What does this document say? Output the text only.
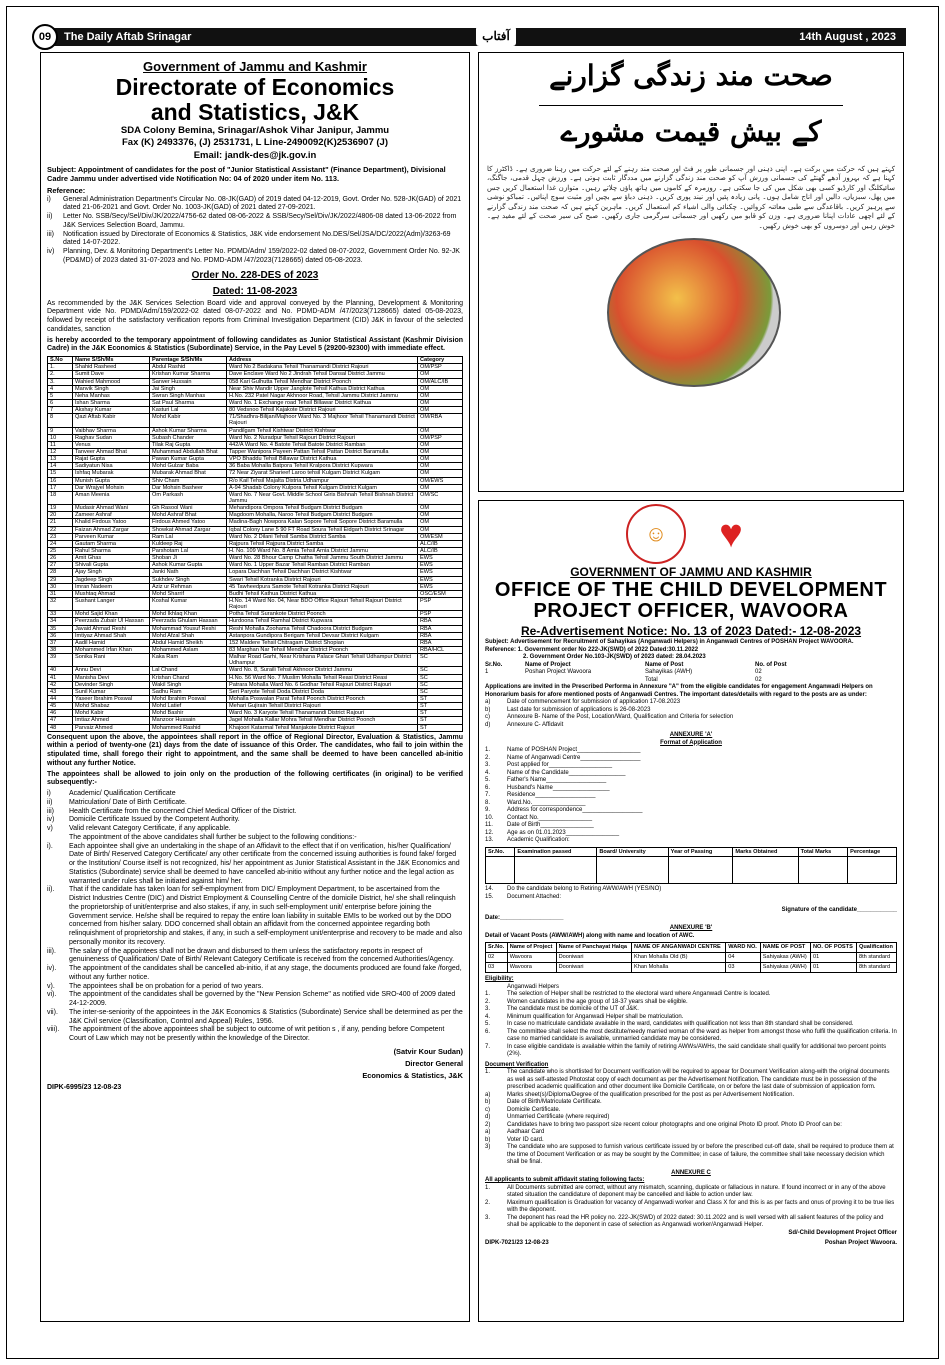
09	The Daily Aftab Srinagar	آفتاب	14th August , 2023
Government of Jammu and Kashmir
Directorate of Economics
and Statistics, J&K
SDA Colony Bemina, Srinagar/Ashok Vihar Janipur, Jammu
Fax (K) 2493376, (J) 2531731, L Line-2490092(K)2536907 (J)
Email: jandk-des@jk.gov.in
Subject: Appointment of candidates for the post of "Junior Statistical Assistant" (Finance Department), Divisional Cadre Jammu under advertised vide Notification No: 04 of 2020 under item No. 113.
Reference:
i)	General Administration Department's Circular No. 08-JK(GAD) of 2019 dated 04-12-2019, Govt. Order No. 528-JK(GAD) of 2021 dated 21-06-2021 and Govt. Order No. 1003-JK(GAD) of 2021 dated 27-09-2021.
ii)	Letter No. SSB/Secy/Sel/Div/JK/2022/4756-62 dated 08-06-2022 & SSB/Secy/Sel/Div/JK/2022/4806-08 dated 13-06-2022 from J&K Services Selection Board, Jammu.
iii)	Notification issued by Directorate of Economics & Statistics, J&K vide endorsement No.DES/Sel/JSA/DC/2022(Adm)/3263-69 dated 14-07-2022.
iv)	Planning, Dev. & Monitoring Department's Letter No. PDMD/Adm/ 159/2022-02 dated 08-07-2022, Government Order No. 92-JK (PD&MD) of 2023 dated 31-07-2023 and No. PDMD-ADM /47/2023(7128665) dated 05-08-2023.
Order No. 228-DES of 2023
Dated: 11-08-2023

As recommended by the J&K Services Selection Board vide and approval conveyed by the Planning, Development & Monitoring Department vide No. PDMD/Adm/159/2022-02 dated 08-07-2022 and No. PDMD-ADM /47/2023(7128665) dated 05-08-2023, followed by receipt of the satisfactory verification reports from Criminal Investigation Department (CID) J&K in favour of the selected candidates, sanction

is hereby accorded to the temporary appointment of following candidates as Junior Statistical Assistant (Kashmir Division Cadre) in the J&K Economics & Statistics (Subordinate) Service, in the Pay Level 5 (29200-92300) with immediate effect.

S.No	Name S/Sh/Ms	Parentage S/Sh/Ms	Address	Category
1.	Shahid Rasheed	Abdul Rashid	Ward No 2 Badakana Tehsil Thanamandi District Rajouri	OM/PSP
2.	Sumit Dave	Krishan Kumar Sharma	Dave Enclave Ward No 2 Jindrah Tehsil Dansal District Jammu	OM
3.	Wahied Mahmood	Sarwer Hussain	058 Kari Gulhutta Tehsil Mendhar District Poonch	OM/ALC/IB
4	Manvik Singh	Jai Singh	Near Shiv Mandir Upper Janglote Tehsil Kathua District Kathua	OM
5	Neha Manhas	Swran Singh Manhas	H.No. 232 Patel Nagar Akhnoor Road, Tehsil Jammu District Jammu	OM
6	Ishan Sharma	Sat Paul Sharma	Ward No. 1 Exchange road Tehsil Billawar District Kathua	OM
7	Akshay Kumar	Kasturi Lal	80 Vedsnoo Tehsil Kajakote District Rajouri	OM
8	Qazi Aftab Kabir	Mohd Kabir	71/Shadhra-Bilijan/Majhoor Ward No. 3 Majhoor Tehsil Thanamandi District Rajouri	OM/RBA
9	Vaibhav Sharma	Ashok Kumar Sharma	Pandilgam Tehsil Kishtwar District Kishtwar	OM
10	Raghav Sudan	Subash Chander	Ward No. 2 Nuradpur Tehsil Rajouri District Rajouri	OM/PSP
11	Venus	Tilak Raj Gupta	442/A Ward No. 4 Batote Tehsil Batote District Ramban	OM
12	Tanveer Ahmad Bhat	Muhammad Abdullah Bhat	Tapper Wanipora Payeen Pattan Tehsil Pattan District Baramulla	OM
13	Rajat Gupta	Pawan Kumar Gupta	VPO Bhaddu Tehsil Billawar District Kathua	OM
14	Sadiyatun Nisa	Mohd Gulzar Baba	36 Baba Mohalla Batpora Tehsil Kralpora District Kupwara	OM
15	Ishfaq Mubarak	Mubarak Ahmad Bhat	72 Near Ziyarat Sharieef Laroo tehsil Kulgam District Kulgam	OM
16	Munish Gupta	Shiv Cham	R/o Kail Tehsil Majalta Distria Udhampur	OM/EWS
17	Dar Wrajyel Mohsin	Dar Mohsin Basheer	A-94 Shadab Colony Kulpora Tehsil Kulgam District Kulgam	OM
18	Aman Meenia	Om Parkash	Ward No. 7 Near Govt. Middle School Giris Bishnah Tehsil Bishnah District Jammu	OM/SC
19	Mudasir Ahmad Wani	Gh Rasool Wani	Mehandipora Ompora Tehsil Budgam District Budgam	OM
20	Zameer Ashraf	Mohd Ashraf Bhat	Magdoom Mohalla, Naroo Tehsil Budgam District Budgam	OM
21	Khalid Firdous Yatoo	Firdous Ahmed Yatoo	Madina-Bagh Nowpora Kalan Sopore Tehsil Sopore District Baramulla	OM
22	Faizan Ahmad Zargar	Showkat Ahmad Zargar	Iqbal Colony Lane 5 90 FT Road Soura Tehsil Eidgarh District Srinagar	OM
23	Parveen Kumar	Ram Lal	Ward No. 2 Dilani Tehsil Samba District Samba	OM/ESM
24	Gautam Sharma	Kuldeep Raj	Rajpura Tehsil Rajpura District Samba	ALC/IB
25	Rahul Sharma	Parshotam Lal	H. No. 109 Ward No. 8 Amia Tehsil Arnia District Jammu	ALC/IB
26	Amit Ghas	Shoban Ji	Ward No. 28 Bhour Camp Chatha Tehsil Jammu South District Jammu	EWS
27	Shivali Gupta	Ashok Kumar Gupta	Ward No. 1 Upper Bazar Tehsil Ramban District Ramban	EWS
28	Ajay Singh	Janki Nath	Lopara Dachhan Tehsil Dachhan District Kishtwar	EWS
29	Jagdeep Singh	Sukhdev Singh	Swari Tehsil Kotranka District Rajouri	EWS
30	Imran Nadeem	Aziz ur Rehman	45 Tawheedpura Samote Tehsil Kotranka District Rajouri	EWS
31	Mushtaq Ahmad	Mohd Sharrif	Budhi Tehsil Kathua District Kathua	OSC/ESM
32	Sushant Langer	Koshal Kumar	H.No. 14 Ward No. 04, Near BDO Office Rajouri Tehsil Rajouri District Rajouri	PSP
33	Mohd Sajid Khan	Mohd Ikhlaq Khan	Potha Tehsil Surankote District Poonch	PSP
34	Peerzada Zubair Ul Hassan	Peerzada Ghulam Hassan	Hurdoona Tehsil Ramhal District Kupwara	RBA
35	Javaid Ahmad Reshi	Mohammad Yousuf Reshi	Reshi Mohalla Zoohama Tehsil Chadoora District Budgam	RBA
36	Imtiyaz Ahmad Shah	Mohd Afzal Shah	Astanpora Gundipora Berigam Tehsil Devsar District Kulgam	RBA
37	Aadil Hamid	Abdul Hamid Sheikh	152 Maldere Tehsil Chitragam District Shopian	RBA
38	Mohammed Irfan Khan	Mohammed Aslam	83 Marghan Nar Tehsil Mendhar District Poonch	RBA/HCL
39	Sonika Rani	Kaka Ram	Malhar Road Garhi, Near Krishana Palace Ghari Tehsil Udhampur District Udhampur	SC
40	Annu Devi	Lal Chand	Ward No. 8, Suraili Tehsil Akhnoor District Jammu	SC
41	Manisha Devi	Krishan Chand	H.No. 56 Ward No. 7 Muslim Mohalla Tehsil Reasi District Reasi	SC
42	Devinder Singh	Wakil Singh	Patrara Mohalla Ward No. 6 Godhar Tehsil Rajouri District Rajouri	SC
43	Sunil Kumar	Sadhu Ram	Seri Paryote Tehsil Doda District Doda	SC
44	Yaseer Ibrahim Poswal	Mohd Ibrahim Poswal	Mohalla Poswalan Parat Tehsil Poonch District Poonch	ST
45	Mohd Shabaz	Mohd Latief	Mehari Gujirain Tehsil District Rajouri	ST
46	Mohd Kabir	Mohd Bashir	Ward No. 3 Karyote Tehsil Thanamandi District Rajouri	ST
47	Imtiaz Ahmed	Manzoor Hussain	Jagel Mohalla Kallar Mohra Tehsil Mendhar District Poonch	ST
48	Parvaiz Ahmed	Mohammed Rashid	Khajoori Katarmal Tehsil Manjakote District Rajouri	ST

Consequent upon the above, the appointees shall report in the office of Regional Director, Evaluation & Statistics, Jammu within a period of twenty-one (21) days from the date of issuance of this Order. The candidates, who fail to join within the stipulated time, shall forego their right to appointment, and the same shall be deemed to have been cancelled ab-initio without any further Notice.

The appointees shall be allowed to join only on the production of the following certificates (in original) to be verified subsequently:-

i)	Academic/ Qualification Certificate
ii)	Matriculation/ Date of Birth Certificate.
iii)	Health Certificate from the concerned Chief Medical Officer of the District.
iv)	Domicile Certificate Issued by the Competent Authority.
v)	Valid relevant Category Certificate, if any applicable.
The appointment of the above candidates shall further be subject to the following conditions:-
i).	Each appointee shall give an undertaking in the shape of an Affidavit to the effect that if on verification, his/her Qualification/ Date of Birth/ Reserved Category Certificate/ any other certificate from the concerned issuing authorities is found fake/ forged or the Institution/ Course itself is not recognized, his/ her appointment as Junior Statistical Assistant in the J&K Economics and Statistics (Subordinate) service shall be deemed to have cancelled ab-initio without any further notice and the legal action as warranted under rules shall be initiated against him/ her.
ii).	That if the candidate has taken loan for self-employment from DIC/ Employment Department, to be ascertained from the District Industries Centre (DIC) and District Employment & Counselling Centre of the domicile District, he/ she shall relinquish the proprietorship of unit/enterprise and also stakes, if any, in such self-employment unit/ enterprise before joining the Government service. He/she shall be required to repay the entire loan liability in suitable EMIs to be worked out by the DDO concerned from his/her salary. DDO concerned shall obtain an affidavit from the concerned appointee regarding both relinquishment of proprietorship and stakes, if any, in such a self-employment unit/enterprise and recovery to be made and also personally monitor its recovery.
iii).	The salary of the appointees shall not be drawn and disbursed to them unless the satisfactory reports in respect of genuineness of Qualification/ Date of Birth/ Relevant Category Certificate is received from the concerned Authorities/Agency.
iv).	The appointment of the candidates shall be cancelled ab-initio, if at any stage, the documents produced are found fake /forged, without any further notice.
v).	The appointees shall be on probation for a period of two years.
vi).	The appointment of the candidates shall be governed by the "New Pension Scheme" as notified vide SRO-400 of 2009 dated 24-12-2009.
vii).	The inter-se-seniority of the appointees in the J&K Economics & Statistics (Subordinate) Service shall be determined as per the J&K Civil service (Classification, Control and Appeal) Rules, 1956.
viii).	The appointment of the above appointees shall be subject to outcome of writ petition s , if any, pending before Competent Court of Law which may not be presently within the knowledge of the Director.
(Satvir Kour Sudan)
Director General
Economics & Statistics, J&K
DIPK-6995/23 12-08-23
صحت مند زندگی گزارنے
کے بیش قیمت مشورے
کہتے ہیں کہ حرکت میں برکت ہے۔ اپنی ذہنی اور جسمانی طور پر فٹ اور صحت مند رہنے کے لئے حرکت میں رہنا ضروری ہے۔ ڈاکٹرز کا کہنا ہے کہ بہروز آدھے گھنٹے کی جسمانی ورزش آپ کو صحت مند زندگی گزارنے میں مددگار ثابت ہوتی ہے۔ ورزش چہل قدمی، جاگنگ، سائیکلنگ اور کارڈیو کسی بھی شکل میں کی جا سکتی ہے۔ روزمرہ کے کاموں میں ہاتھ پاؤں چلاتے رہیں۔ متوازن غذا استعمال کریں جس میں پھل، سبزیاں، دالیں اور اناج شامل ہوں۔ پانی زیادہ پئیں اور نیند پوری کریں۔ ذہنی دباؤ سے بچیں اور مثبت سوچ اپنائیں۔ تمباکو نوشی سے پرہیز کریں۔ باقاعدگی سے طبی معائنہ کروائیں۔ چکنائی والی اشیاء کم استعمال کریں۔ ماہرین کہتے ہیں کہ صحت مند زندگی گزارنے کے لئے اچھی عادات اپنانا ضروری ہے۔ وزن کو قابو میں رکھیں اور جسمانی سرگرمی جاری رکھیں۔ صبح کی سیر صحت کے لئے مفید ہے۔ خوش رہیں اور دوسروں کو بھی خوش رکھیں۔
☺	♥
GOVERNMENT OF JAMMU AND KASHMIR
OFFICE OF THE CHILD DEVELOPMENT
PROJECT OFFICER, WAVOORA
Re-Advertisement Notice: No. 13 of 2023 Dated:- 12-08-2023
Subject: Advertisement for Recruitment of Sahayikas (Anganwadi Helpers) in Anganwadi Centres of POSHAN Project WAVOORA.
Reference: 1. Government order No 222-JK(SWD) of 2022 Dated:30.11.2022
2. Government Order No.103-JK(SWD) of 2023 dated: 28.04.2023
Sr.No.	Name of Project	Name of Post	No. of Post
1	Poshan Project Wavoora	Sahayikas (AWH)	02
Total	02
Applications are invited in the Prescribed Performa in Annexure "A" from the eligible candidates for engagement Anganwadi Helpers on Honorarium basis for afore mentioned posts of Anganwadi Centres. The important dates/details with regard to the posts are as under:
a)	Date of commencement for submission of application 17-08.2023
b)	Last date for submission of applications is 26-08-2023
c)	Annexure B- Name of the Post, Location/Ward, Qualification and Criteria for selection
d)	Annexure C- Affidavit
ANNEXURE 'A'
Format of Application
1.	Name of POSHAN Project___________________
2.	Name of Anganwadi Centre__________________
3.	Post applied for___________________
4.	Name of the Candidate_________________
5.	Father's Name__________________
6.	Husband's Name_________________
7.	Residence__________________
8.	Ward.No.________________
9.	Address for correspondence__________________
10.	Contact No.________________
11.	Date of Birth________________
12.	Age as on 01.01.2023________________
13.	Academic Qualification:
Sr.No.	Examination passed	Board/ University	Year of Passing	Marks Obtained	Total Marks	Percentage

14.	Do the candidate belong to Retiring AWW/AWH (YES/NO)
15.	Document Attached:
Signature of the candidate____________
Date:___________________
ANNEXURE 'B'
Detail of Vacant Posts (AWW/AWH) along with name and location of AWC.
Sr.No.	Name of Project	Name of Panchayat Halqa	NAME OF ANGANWADI CENTRE	WARD NO.	NAME OF POST	NO. OF POSTS	Qualification
02	Wavoora	Dooniwari	Khan Mohalla Old (B)	04	Sahiyakas (AWH)	01	8th standard
03	Wavoora	Dooniwari	Khan Mohalla	03	Sahiyakas (AWH)	01	8th standard
Eligibility:
Anganwadi Helpers
1.	The selection of Helper shall be restricted to the electoral ward where Anganwadi Centre is located.
2.	Women candidates in the age group of 18-37 years shall be eligible.
3.	The candidate must be domicile of the UT of J&K.
4.	Minimum qualification for Anganwadi Helper shall be matriculation.
5.	In case no matriculate candidate available in the ward, candidates with qualification not less than 8th standard shall be considered.
6.	The committee shall select the most destitute/needy married woman of the ward as helper from amongst those who fulfil the qualification criteria. In case no married candidate is available, unmarried candidate may be considered.
7.	In case eligible candidate is available within the family of retiring AWWs/AWHs, the said candidate shall qualify for additional two percent points (2%).
Document Verification
1.	The candidate who is shortlisted for Document verification will be required to appear for Document Verification along-with the original documents as well as self-attested Photostat copy of each document as per the Advertisement Notification. The candidate must be in possession of the prescribed academic qualification and other document like Domicile Certificate, on or before the last date of submission of application form.
a)	Marks sheet(s)/Diploma/Degree of the qualification prescribed for the post as per Advertisement Notification.
b)	Date of Birth/Matriculate Certificate.
c)	Domicile Certificate.
d)	Unmarried Certificate (where required)
2)	Candidates have to bring two passport size recent colour photographs and one original Photo ID proof. Photo ID Proof can be:
a)	Aadhaar Card
b)	Voter ID card.
3)	The candidate who are supposed to furnish various certificate issued by or before the prescribed cut-off date, shall be required to produce them at the time of Document Verification or as may be sought by the Committee; in case of failure, the committee shall take necessary decision which shall be final.
ANNEXURE C
All applicants to submit affidavit stating following facts:
1.	All Documents submitted are correct, without any mismatch, scanning, duplicate or fallacious in nature. If found incorrect or in any of the above stated situation the candidature of deponent may be cancelled and liable to action under law.
2.	Maximum qualification is Graduation for vacancy of Anganwadi worker and Class X for and this is as per facts and onus of proving it to be true lies with the deponent.
3.	The deponent has read the HR policy no. 222-JK(SWD) of 2022 dated: 30.11.2022 and is well versed with all salient features of the policy and shall be applicable to the deponent in case of selection as Anganwadi worker/Anganwadi Helper.
Sd/-Child Development Project Officer
DIPK-7021/23 12-08-23	Poshan Project Wavoora.
